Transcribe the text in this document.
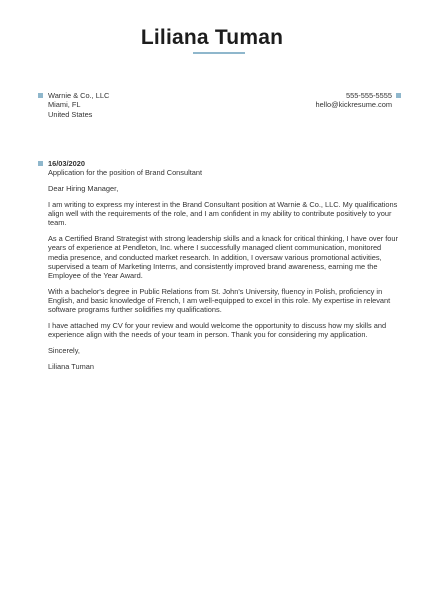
Liliana Tuman
Warnie & Co., LLC
Miami, FL
United States
555-555-5555
hello@kickresume.com
16/03/2020
Application for the position of Brand Consultant

Dear Hiring Manager,

I am writing to express my interest in the Brand Consultant position at Warnie & Co., LLC. My qualifications align well with the requirements of the role, and I am confident in my ability to contribute positively to your team.

As a Certified Brand Strategist with strong leadership skills and a knack for critical thinking, I have over four years of experience at Pendleton, Inc. where I successfully managed client communication, monitored media presence, and conducted market research. In addition, I oversaw various promotional activities, supervised a team of Marketing Interns, and consistently improved brand awareness, earning me the Employee of the Year Award.

With a bachelor's degree in Public Relations from St. John's University, fluency in Polish, proficiency in English, and basic knowledge of French, I am well-equipped to excel in this role. My expertise in relevant software programs further solidifies my qualifications.

I have attached my CV for your review and would welcome the opportunity to discuss how my skills and experience align with the needs of your team in person. Thank you for considering my application.

Sincerely,

Liliana Tuman
